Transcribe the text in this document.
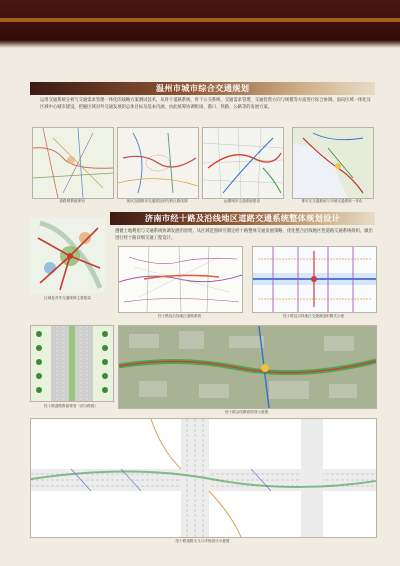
温州市城市综合交通规划

运用交通系统分析与交通需求管理一体化的战略方案测试技术，从骨干道路系统、骨干公交系统、交通需求管理、交通投资方向与规模等方面进行综合协调。面向区域一体化及区域中心城市建设，把握区域对外交通发展的总体目标及基本内涵，由此统筹协调机场、港口、铁路、公路等的发展方案。

道路网系统规划	现状近期都市交通源及研究跨区路线图	远期城市交通系统建设	都市区交通系统与市域交通系统一体化
济南市经十路及沿线地区道路交通系统整体规划设计

遵循土地利用与交通系统协调发展的原则，从区域范围研究制定经十路整体交通发展策略，优化整合沿线地区性道路交通系统组织，做出进行经十路详细交通工程设计。

区域及对外交通规律主要框架
经十路及沿线地区道路系统	经十路及沿线地区交通流组织模式示意
经十路道路断面规划（部分路段）
经十路沿线断面规划示意图
经十路道路交叉口详细设计示意图
